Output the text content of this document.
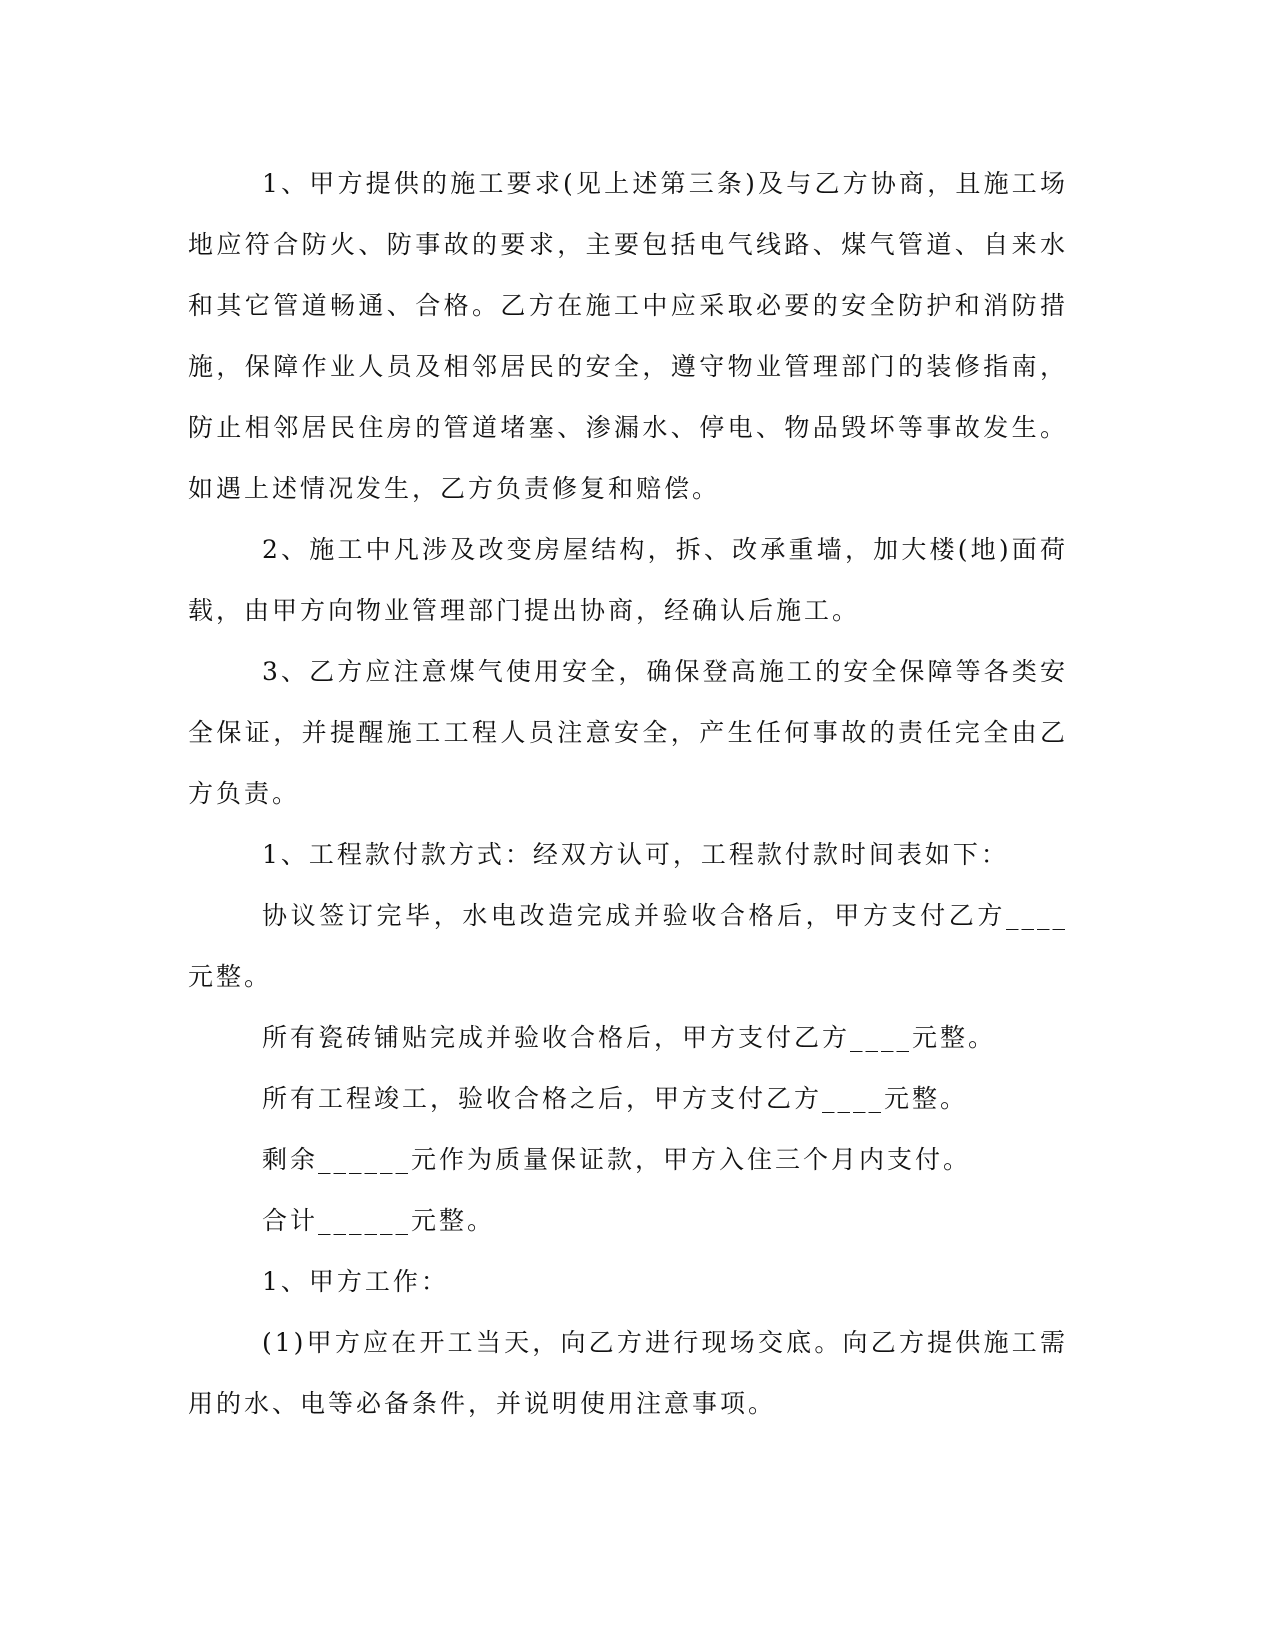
1、甲方提供的施工要求(见上述第三条)及与乙方协商，且施工场地应符合防火、防事故的要求，主要包括电气线路、煤气管道、自来水和其它管道畅通、合格。乙方在施工中应采取必要的安全防护和消防措施，保障作业人员及相邻居民的安全，遵守物业管理部门的装修指南，防止相邻居民住房的管道堵塞、渗漏水、停电、物品毁坏等事故发生。如遇上述情况发生，乙方负责修复和赔偿。

2、施工中凡涉及改变房屋结构，拆、改承重墙，加大楼(地)面荷载，由甲方向物业管理部门提出协商，经确认后施工。

3、乙方应注意煤气使用安全，确保登高施工的安全保障等各类安全保证，并提醒施工工程人员注意安全，产生任何事故的责任完全由乙方负责。

1、工程款付款方式：经双方认可，工程款付款时间表如下：

协议签订完毕，水电改造完成并验收合格后，甲方支付乙方____元整。

所有瓷砖铺贴完成并验收合格后，甲方支付乙方____元整。

所有工程竣工，验收合格之后，甲方支付乙方____元整。

剩余______元作为质量保证款，甲方入住三个月内支付。

合计______元整。

1、甲方工作：

(1)甲方应在开工当天，向乙方进行现场交底。向乙方提供施工需用的水、电等必备条件，并说明使用注意事项。
